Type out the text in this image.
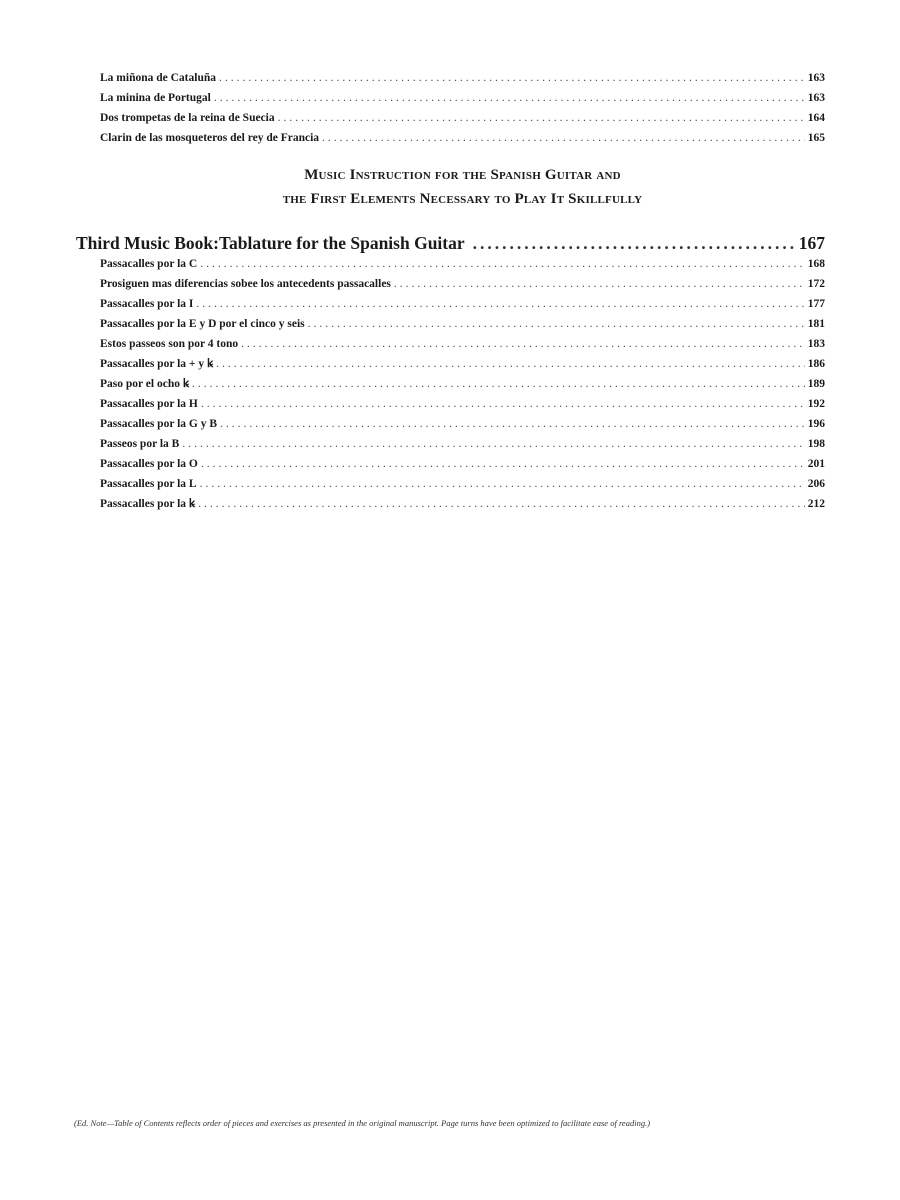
La miñona de Cataluña .....	163
La minina de Portugal .....	163
Dos trompetas de la reina de Suecia .....	164
Clarin de las mosqueteros del rey de Francia .....	165
Music Instruction for the Spanish Guitar and
the First Elements Necessary to Play It Skillfully
Third Music Book:Tablature for the Spanish Guitar .....	167
Passacalles por la C .....	168
Prosiguen mas diferencias sobee los antecedents passacalles .....	172
Passacalles por la I .....	177
Passacalles por la E y D por el cinco y seis .....	181
Estos passeos son por 4 tono .....	183
Passacalles por la + y ꝃ .....	186
Paso por el ocho ꝃ .....	189
Passacalles por la H .....	192
Passacalles por la G y B .....	196
Passeos por la B .....	198
Passacalles por la O .....	201
Passacalles por la L .....	206
Passacalles por la ꝃ .....	212
(Ed. Note—Table of Contents reflects order of pieces and exercises as presented in the original manuscript. Page turns have been optimized to facilitate ease of reading.)
